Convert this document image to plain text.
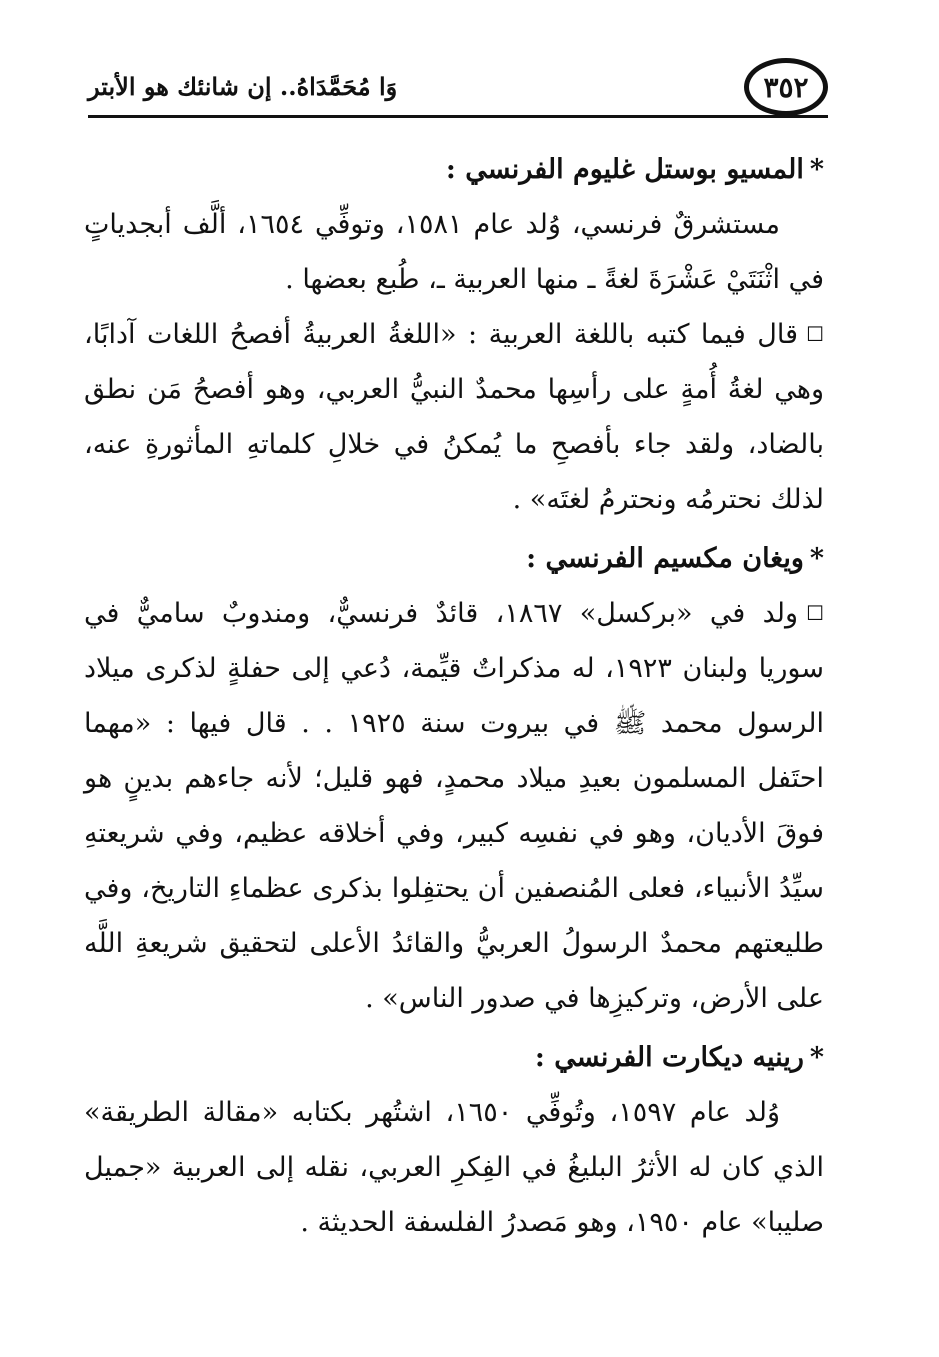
٣٥٢
وَا مُحَمَّدَاهُ.. إن شانئك هو الأبتر
*المسيو بوستل غليوم الفرنسي :

مستشرقٌ فرنسي، وُلد عام ١٥٨١، وتوفِّي ١٦٥٤، ألَّف أبجدياتٍ في اثْنَتَيْ عَشْرَةَ لغةً ـ منها العربية ـ، طُبع بعضها .

☐قال فيما كتبه باللغة العربية : «اللغةُ العربيةُ أفصحُ اللغات آدابًا، وهي لغةُ أُمةٍ على رأسِها محمدٌ النبيُّ العربي، وهو أفصحُ مَن نطق بالضاد، ولقد جاء بأفصحِ ما يُمكنُ في خلالِ كلماتهِ المأثورةِ عنه، لذلك نحترمُه ونحترمُ لغتَه» .

*ويغان مكسيم الفرنسي :

☐ولد في «بركسل» ١٨٦٧، قائدٌ فرنسيٌّ، ومندوبٌ ساميٌّ في سوريا ولبنان ١٩٢٣، له مذكراتٌ قيِّمة، دُعي إلى حفلةٍ لذكرى ميلاد الرسول محمد ﷺ في بيروت سنة ١٩٢٥ . . قال فيها : «مهما احتَفل المسلمون بعيدِ ميلاد محمدٍ، فهو قليل؛ لأنه جاءهم بدينٍ هو فوقَ الأديان، وهو في نفسِه كبير، وفي أخلاقه عظيم، وفي شريعتهِ سيِّدُ الأنبياء، فعلى المُنصفين أن يحتفِلوا بذكرى عظماءِ التاريخ، وفي طليعتهم محمدٌ الرسولُ العربيُّ والقائدُ الأعلى لتحقيق شريعةِ اللَّه على الأرض، وتركيزِها في صدور الناس» .

*رينيه ديكارت الفرنسي :

وُلد عام ١٥٩٧، وتُوفِّي ١٦٥٠، اشتُهر بكتابه «مقالة الطريقة» الذي كان له الأثرُ البليغُ في الفِكرِ العربي، نقله إلى العربية «جميل صليبا» عام ١٩٥٠، وهو مَصدرُ الفلسفة الحديثة .
